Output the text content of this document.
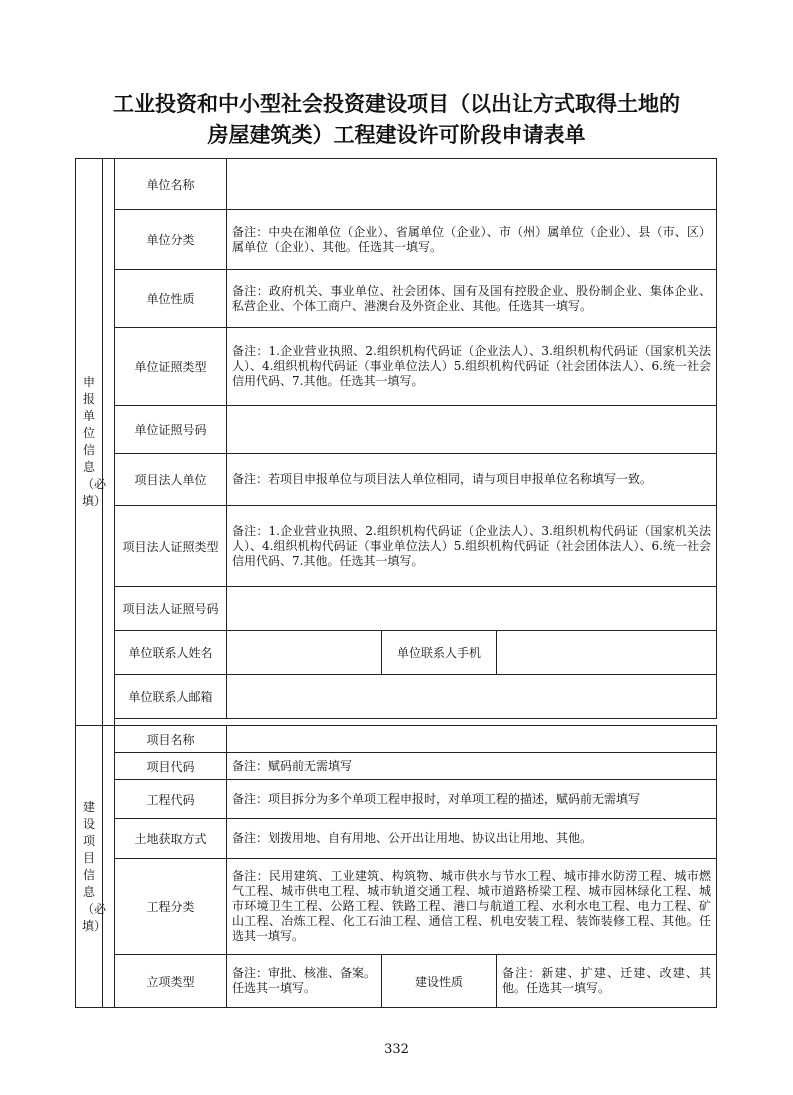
工业投资和中小型社会投资建设项目（以出让方式取得土地的
房屋建筑类）工程建设许可阶段申请表单
申报单位信息（必填）		单位名称			
		单位分类	备注：中央在湘单位（企业）、省属单位（企业）、市（州）属单位（企业）、县（市、区）属单位（企业）、其他。任选其一填写。		
		单位性质	备注：政府机关、事业单位、社会团体、国有及国有控股企业、股份制企业、集体企业、私营企业、个体工商户、港澳台及外资企业、其他。任选其一填写。		
		单位证照类型	备注：1.企业营业执照、2.组织机构代码证（企业法人）、3.组织机构代码证（国家机关法人）、4.组织机构代码证（事业单位法人）5.组织机构代码证（社会团体法人）、6.统一社会信用代码、7.其他。任选其一填写。		
		单位证照号码			
		项目法人单位	备注：若项目申报单位与项目法人单位相同，请与项目申报单位名称填写一致。		
		项目法人证照类型	备注：1.企业营业执照、2.组织机构代码证（企业法人）、3.组织机构代码证（国家机关法人）、4.组织机构代码证（事业单位法人）5.组织机构代码证（社会团体法人）、6.统一社会信用代码、7.其他。任选其一填写。		
		项目法人证照号码			
		单位联系人姓名		单位联系人手机	
		单位联系人邮箱			

建设项目信息（必填）		项目名称			
		项目代码	备注：赋码前无需填写		
		工程代码	备注：项目拆分为多个单项工程申报时，对单项工程的描述，赋码前无需填写		
		土地获取方式	备注：划拨用地、自有用地、公开出让用地、协议出让用地、其他。		
		工程分类	备注：民用建筑、工业建筑、构筑物、城市供水与节水工程、城市排水防涝工程、城市燃气工程、城市供电工程、城市轨道交通工程、城市道路桥梁工程、城市园林绿化工程、城市环境卫生工程、公路工程、铁路工程、港口与航道工程、水利水电工程、电力工程、矿山工程、冶炼工程、化工石油工程、通信工程、机电安装工程、装饰装修工程、其他。任选其一填写。		
		立项类型	备注：审批、核准、备案。任选其一填写。	建设性质	备注：新建、扩建、迁建、改建、其他。任选其一填写。
332
